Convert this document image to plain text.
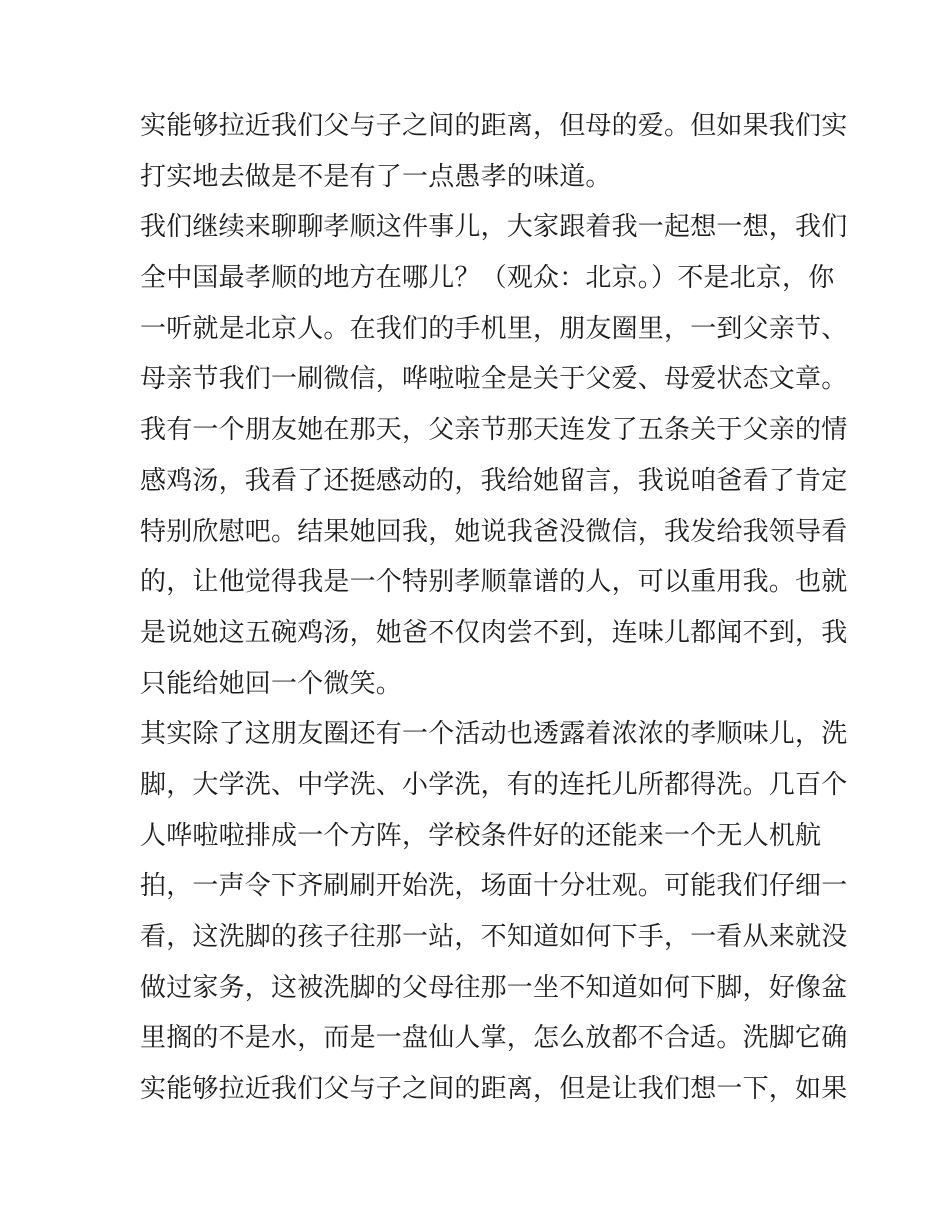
实能够拉近我们父与子之间的距离，但母的爱。但如果我们实
打实地去做是不是有了一点愚孝的味道。
我们继续来聊聊孝顺这件事儿，大家跟着我一起想一想，我们
全中国最孝顺的地方在哪儿？（观众：北京。）不是北京，你
一听就是北京人。在我们的手机里，朋友圈里，一到父亲节、
母亲节我们一刷微信，哗啦啦全是关于父爱、母爱状态文章。
我有一个朋友她在那天，父亲节那天连发了五条关于父亲的情
感鸡汤，我看了还挺感动的，我给她留言，我说咱爸看了肯定
特别欣慰吧。结果她回我，她说我爸没微信，我发给我领导看
的，让他觉得我是一个特别孝顺靠谱的人，可以重用我。也就
是说她这五碗鸡汤，她爸不仅肉尝不到，连味儿都闻不到，我
只能给她回一个微笑。
其实除了这朋友圈还有一个活动也透露着浓浓的孝顺味儿，洗
脚，大学洗、中学洗、小学洗，有的连托儿所都得洗。几百个
人哗啦啦排成一个方阵，学校条件好的还能来一个无人机航
拍，一声令下齐刷刷开始洗，场面十分壮观。可能我们仔细一
看，这洗脚的孩子往那一站，不知道如何下手，一看从来就没
做过家务，这被洗脚的父母往那一坐不知道如何下脚，好像盆
里搁的不是水，而是一盘仙人掌，怎么放都不合适。洗脚它确
实能够拉近我们父与子之间的距离，但是让我们想一下，如果
